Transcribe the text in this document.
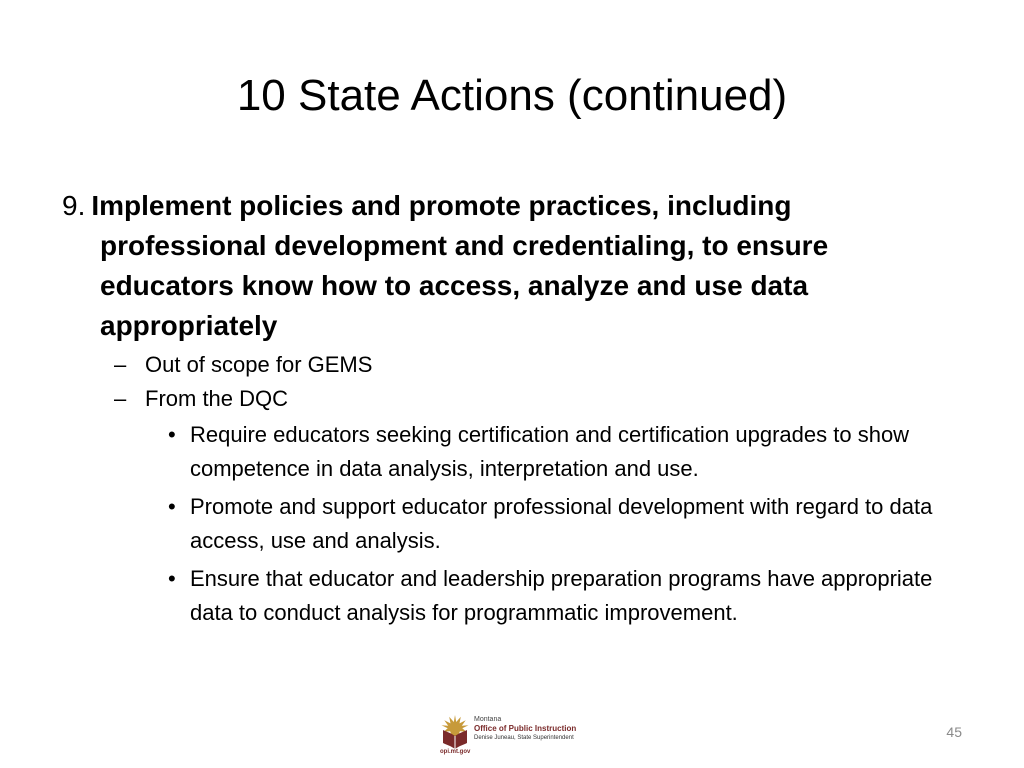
10 State Actions (continued)
9. Implement policies and promote practices, including professional development and credentialing, to ensure educators know how to access, analyze and use data appropriately
– Out of scope for GEMS
– From the DQC
• Require educators seeking certification and certification upgrades to show competence in data analysis, interpretation and use.
• Promote and support educator professional development with regard to data access, use and analysis.
• Ensure that educator and leadership preparation programs have appropriate data to conduct analysis for programmatic improvement.
opi.mt.gov
Montana
Office of Public Instruction
Denise Juneau, State Superintendent	45
